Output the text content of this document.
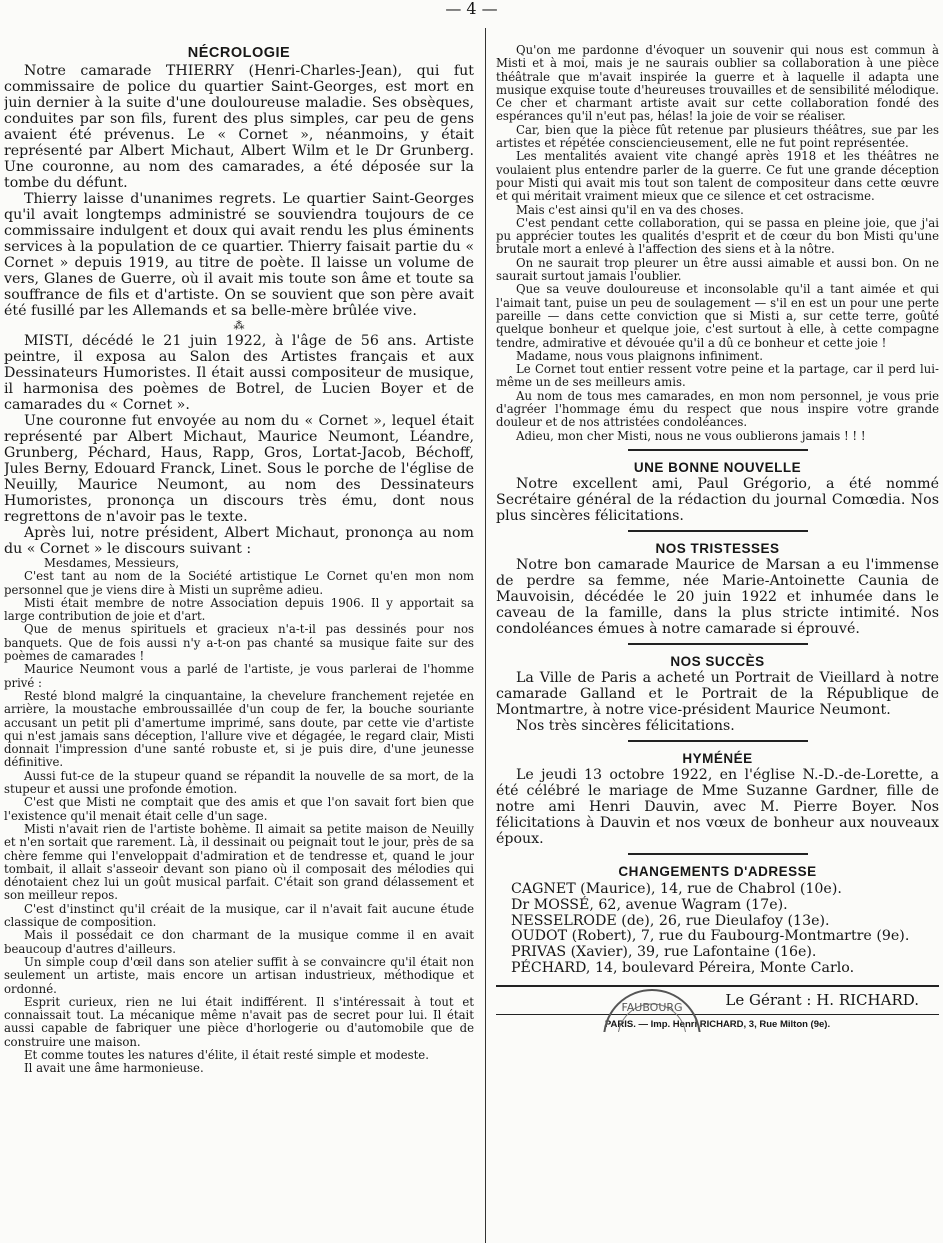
— 4 —
NÉCROLOGIE

Notre camarade THIERRY (Henri-Charles-Jean), qui fut commissaire de police du quartier Saint-Georges, est mort en juin dernier à la suite d'une douloureuse maladie. Ses obsèques, conduites par son fils, furent des plus simples, car peu de gens avaient été prévenus. Le « Cornet », néanmoins, y était représenté par Albert Michaut, Albert Wilm et le Dr Grunberg. Une couronne, au nom des camarades, a été déposée sur la tombe du défunt.

Thierry laisse d'unanimes regrets. Le quartier Saint-Georges qu'il avait longtemps administré se souviendra toujours de ce commissaire indulgent et doux qui avait rendu les plus éminents services à la population de ce quartier. Thierry faisait partie du « Cornet » depuis 1919, au titre de poète. Il laisse un volume de vers, Glanes de Guerre, où il avait mis toute son âme et toute sa souffrance de fils et d'artiste. On se souvient que son père avait été fusillé par les Allemands et sa belle-mère brûlée vive.

⁂

MISTI, décédé le 21 juin 1922, à l'âge de 56 ans. Artiste peintre, il exposa au Salon des Artistes français et aux Dessinateurs Humoristes. Il était aussi compositeur de musique, il harmonisa des poèmes de Botrel, de Lucien Boyer et de camarades du « Cornet ».

Une couronne fut envoyée au nom du « Cornet », lequel était représenté par Albert Michaut, Maurice Neumont, Léandre, Grunberg, Péchard, Haus, Rapp, Gros, Lortat-Jacob, Béchoff, Jules Berny, Edouard Franck, Linet. Sous le porche de l'église de Neuilly, Maurice Neumont, au nom des Dessinateurs Humoristes, prononça un discours très ému, dont nous regrettons de n'avoir pas le texte.

Après lui, notre président, Albert Michaut, prononça au nom du « Cornet » le discours suivant :

Mesdames, Messieurs,

C'est tant au nom de la Société artistique Le Cornet qu'en mon nom personnel que je viens dire à Misti un suprême adieu.

Misti était membre de notre Association depuis 1906. Il y apportait sa large contribution de joie et d'art.

Que de menus spirituels et gracieux n'a-t-il pas dessinés pour nos banquets. Que de fois aussi n'y a-t-on pas chanté sa musique faite sur des poèmes de camarades !

Maurice Neumont vous a parlé de l'artiste, je vous parlerai de l'homme privé :

Resté blond malgré la cinquantaine, la chevelure franchement rejetée en arrière, la moustache embroussaillée d'un coup de fer, la bouche souriante accusant un petit pli d'amertume imprimé, sans doute, par cette vie d'artiste qui n'est jamais sans déception, l'allure vive et dégagée, le regard clair, Misti donnait l'impression d'une santé robuste et, si je puis dire, d'une jeunesse définitive.

Aussi fut-ce de la stupeur quand se répandit la nouvelle de sa mort, de la stupeur et aussi une profonde émotion.

C'est que Misti ne comptait que des amis et que l'on savait fort bien que l'existence qu'il menait était celle d'un sage.

Misti n'avait rien de l'artiste bohème. Il aimait sa petite maison de Neuilly et n'en sortait que rarement. Là, il dessinait ou peignait tout le jour, près de sa chère femme qui l'enveloppait d'admiration et de tendresse et, quand le jour tombait, il allait s'asseoir devant son piano où il composait des mélodies qui dénotaient chez lui un goût musical parfait. C'était son grand délassement et son meilleur repos.

C'est d'instinct qu'il créait de la musique, car il n'avait fait aucune étude classique de composition.

Mais il possédait ce don charmant de la musique comme il en avait beaucoup d'autres d'ailleurs.

Un simple coup d'œil dans son atelier suffit à se convaincre qu'il était non seulement un artiste, mais encore un artisan industrieux, méthodique et ordonné.

Esprit curieux, rien ne lui était indifférent. Il s'intéressait à tout et connaissait tout. La mécanique même n'avait pas de secret pour lui. Il était aussi capable de fabriquer une pièce d'horlogerie ou d'automobile que de construire une maison.

Et comme toutes les natures d'élite, il était resté simple et modeste.

Il avait une âme harmonieuse.

Qu'on me pardonne d'évoquer un souvenir qui nous est commun à Misti et à moi, mais je ne saurais oublier sa collaboration à une pièce théâtrale que m'avait inspirée la guerre et à laquelle il adapta une musique exquise toute d'heureuses trouvailles et de sensibilité mélodique. Ce cher et charmant artiste avait sur cette collaboration fondé des espérances qu'il n'eut pas, hélas! la joie de voir se réaliser.

Car, bien que la pièce fût retenue par plusieurs théâtres, sue par les artistes et répétée consciencieusement, elle ne fut point représentée.

Les mentalités avaient vite changé après 1918 et les théâtres ne voulaient plus entendre parler de la guerre. Ce fut une grande déception pour Misti qui avait mis tout son talent de compositeur dans cette œuvre et qui méritait vraiment mieux que ce silence et cet ostracisme.

Mais c'est ainsi qu'il en va des choses.

C'est pendant cette collaboration, qui se passa en pleine joie, que j'ai pu apprécier toutes les qualités d'esprit et de cœur du bon Misti qu'une brutale mort a enlevé à l'affection des siens et à la nôtre.

On ne saurait trop pleurer un être aussi aimable et aussi bon. On ne saurait surtout jamais l'oublier.

Que sa veuve douloureuse et inconsolable qu'il a tant aimée et qui l'aimait tant, puise un peu de soulagement — s'il en est un pour une perte pareille — dans cette conviction que si Misti a, sur cette terre, goûté quelque bonheur et quelque joie, c'est surtout à elle, à cette compagne tendre, admirative et dévouée qu'il a dû ce bonheur et cette joie !

Madame, nous vous plaignons infiniment.

Le Cornet tout entier ressent votre peine et la partage, car il perd lui-même un de ses meilleurs amis.

Au nom de tous mes camarades, en mon nom personnel, je vous prie d'agréer l'hommage ému du respect que nous inspire votre grande douleur et de nos attristées condoléances.

Adieu, mon cher Misti, nous ne vous oublierons jamais ! ! !

UNE BONNE NOUVELLE

Notre excellent ami, Paul Grégorio, a été nommé Secrétaire général de la rédaction du journal Comœdia. Nos plus sincères félicitations.

NOS TRISTESSES

Notre bon camarade Maurice de Marsan a eu l'immense de perdre sa femme, née Marie-Antoinette Caunia de Mauvoisin, décédée le 20 juin 1922 et inhumée dans le caveau de la famille, dans la plus stricte intimité. Nos condoléances émues à notre camarade si éprouvé.

NOS SUCCÈS

La Ville de Paris a acheté un Portrait de Vieillard à notre camarade Galland et le Portrait de la République de Montmartre, à notre vice-président Maurice Neumont.

Nos très sincères félicitations.

HYMÉNÉE

Le jeudi 13 octobre 1922, en l'église N.-D.-de-Lorette, a été célébré le mariage de Mme Suzanne Gardner, fille de notre ami Henri Dauvin, avec M. Pierre Boyer. Nos félicitations à Dauvin et nos vœux de bonheur aux nouveaux époux.

CHANGEMENTS D'ADRESSE

CAGNET (Maurice), 14, rue de Chabrol (10e).

Dr MOSSÉ, 62, avenue Wagram (17e).

NESSELRODE (de), 26, rue Dieulafoy (13e).

OUDOT (Robert), 7, rue du Faubourg-Montmartre (9e).

PRIVAS (Xavier), 39, rue Lafontaine (16e).

PÉCHARD, 14, boulevard Péreira, Monte Carlo.

FAUBOURG	Le Gérant : H. RICHARD.

PARIS. — Imp. Henri RICHARD, 3, Rue Milton (9e).
